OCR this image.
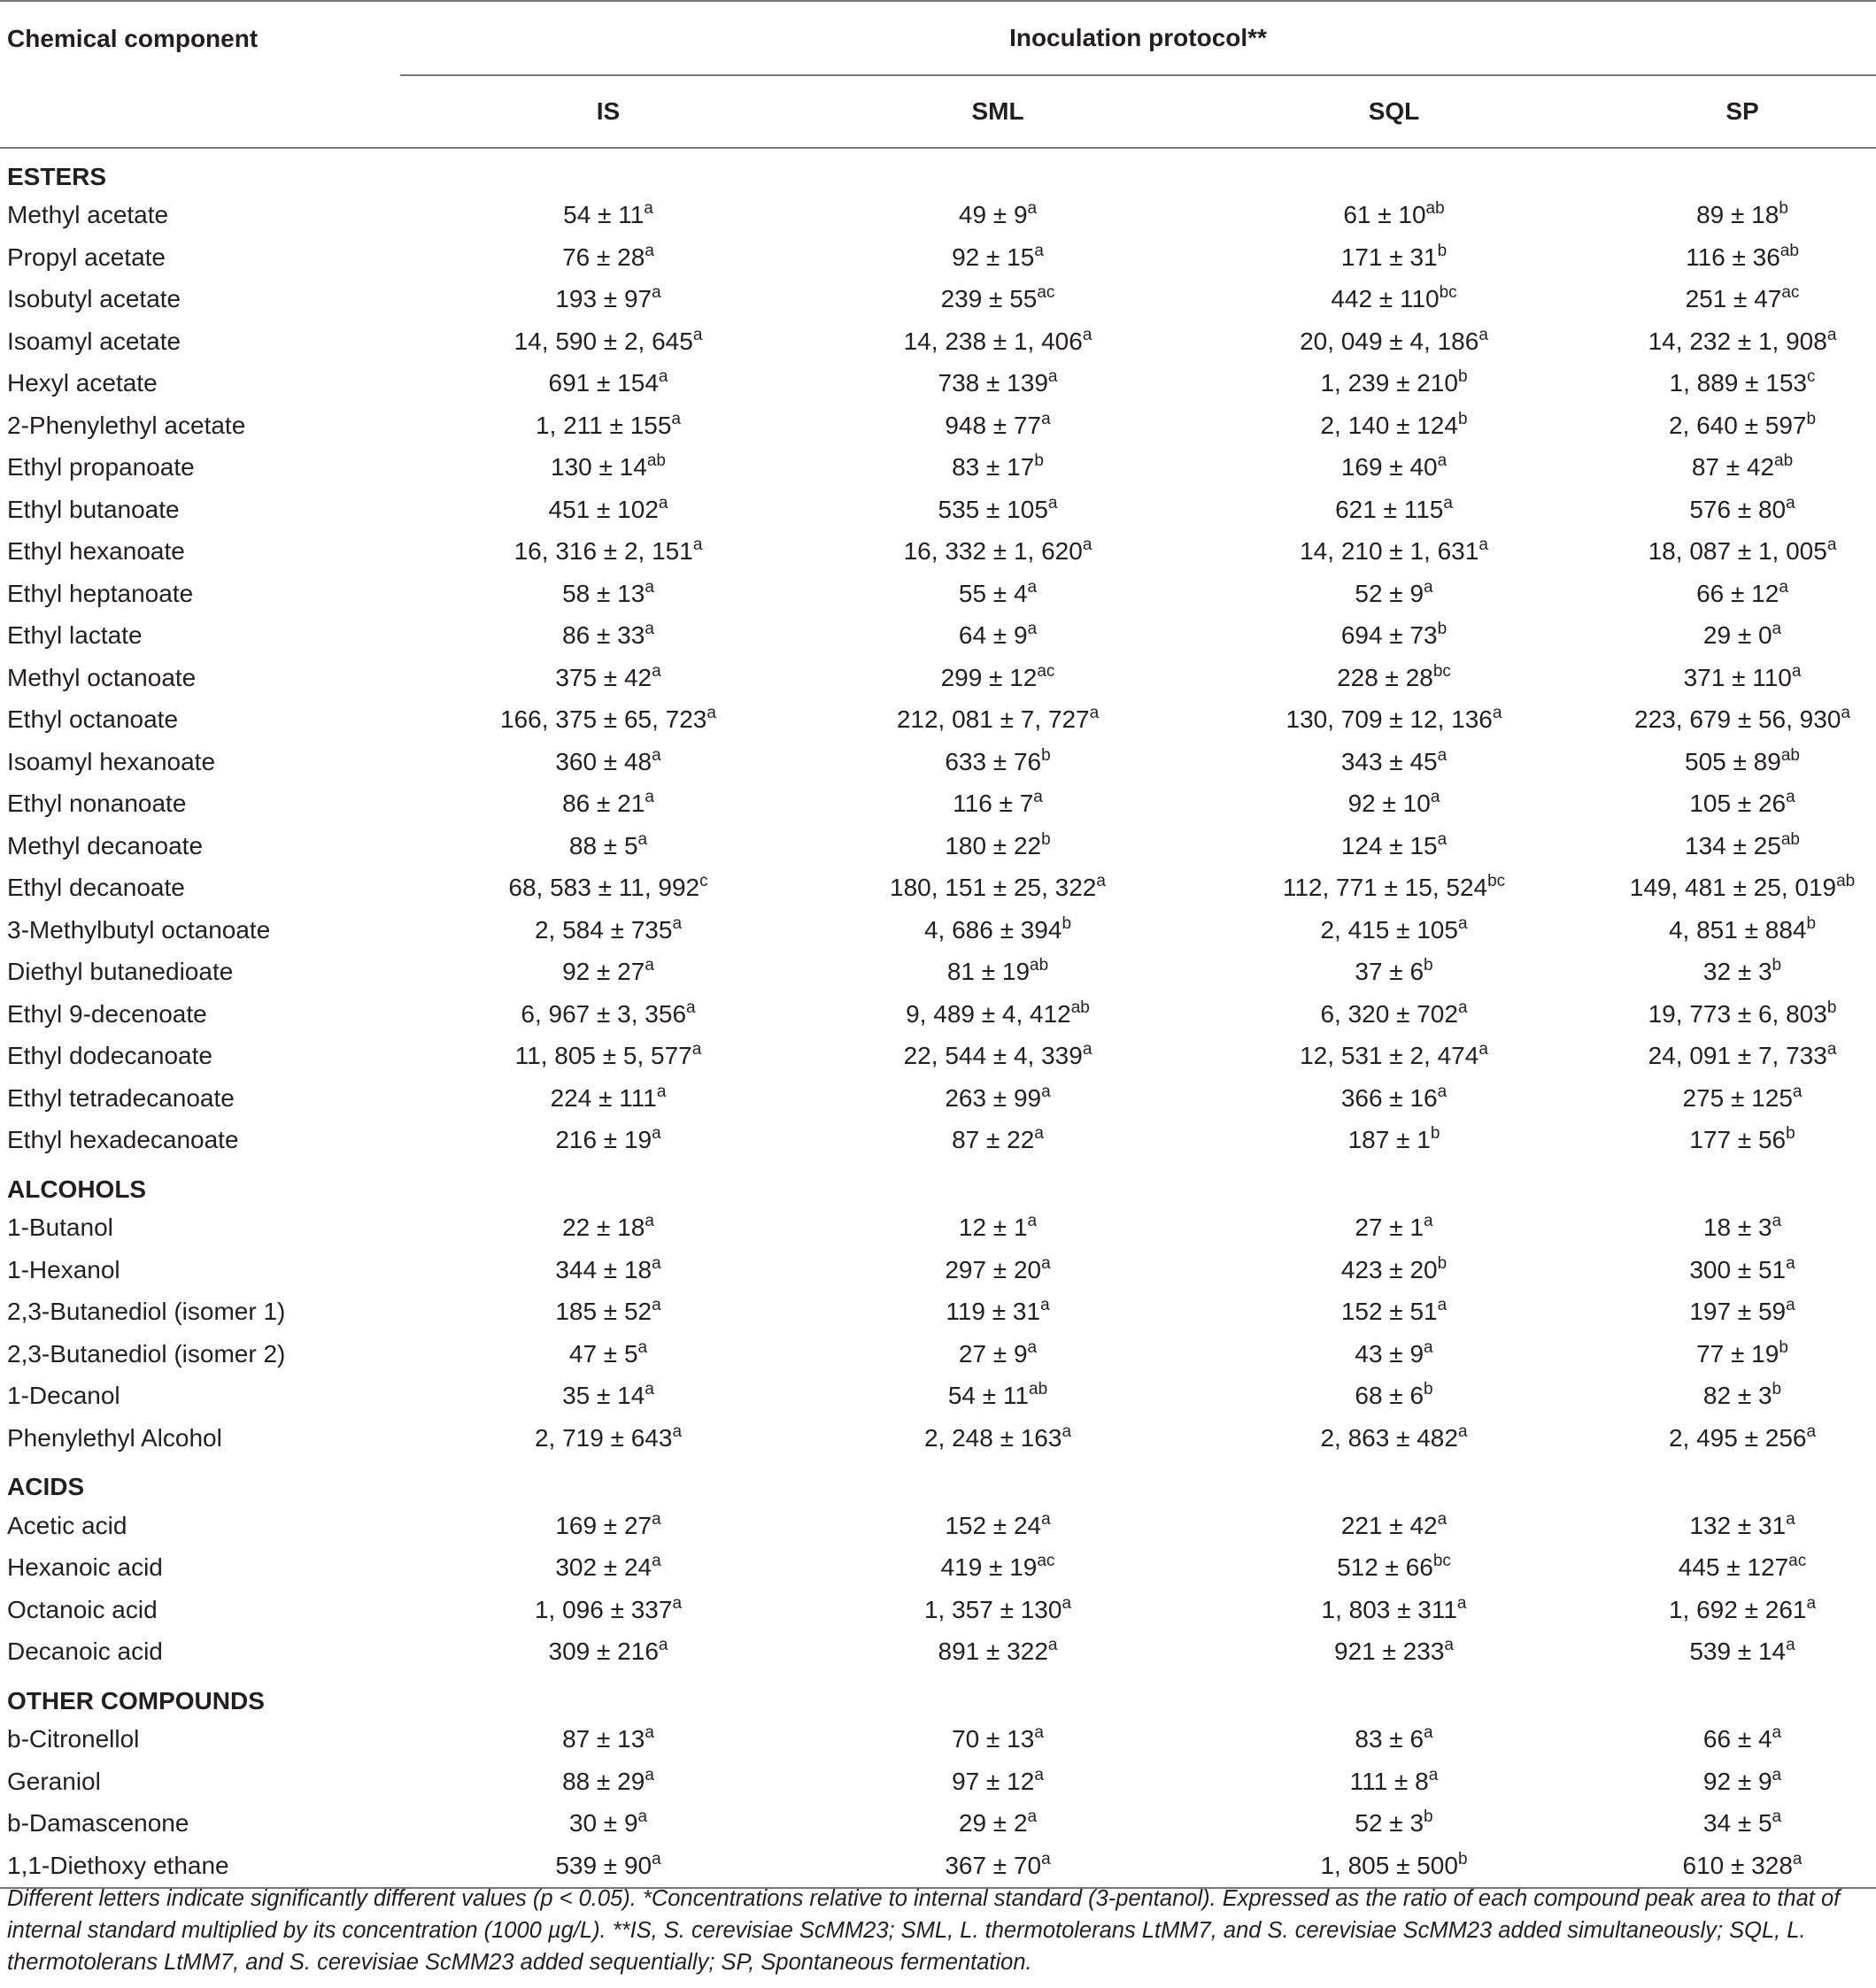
Chemical component	Inoculation protocol**			
	IS	SML	SQL	SP
ESTERS				
Methyl acetate	$54 \pm 11^a$	$49 \pm 9^a$	$61 \pm 10^{ab}$	$89 \pm 18^b$
Propyl acetate	$76 \pm 28^a$	$92 \pm 15^a$	$171 \pm 31^b$	$116 \pm 36^{ab}$
Isobutyl acetate	$193 \pm 97^a$	$239 \pm 55^{ac}$	$442 \pm 110^{bc}$	$251 \pm 47^{ac}$
Isoamyl acetate	14, 590 ± 2, 645$^a$	14, 238 ± 1, 406$^a$	20, 049 ± 4, 186$^a$	14, 232 ± 1, 908$^a$
Hexyl acetate	$691 \pm 154^a$	$738 \pm 139^a$	1, $239 \pm 210^b$	1, $889 \pm 153^c$
2-Phenylethyl acetate	1, $211 \pm 155^a$	$948 \pm 77^a$	2, $140 \pm 124^b$	2, $640 \pm 597^b$
Ethyl propanoate	$130 \pm 14^{ab}$	$83 \pm 17^b$	$169 \pm 40^a$	$87 \pm 42^{ab}$
Ethyl butanoate	$451 \pm 102^a$	$535 \pm 105^a$	$621 \pm 115^a$	$576 \pm 80^a$
Ethyl hexanoate	16, 316 ± 2, 151$^a$	16, 332 ± 1, 620$^a$	14, 210 ± 1, 631$^a$	18, 087 ± 1, 005$^a$
Ethyl heptanoate	$58 \pm 13^a$	$55 \pm 4^a$	$52 \pm 9^a$	$66 \pm 12^a$
Ethyl lactate	$86 \pm 33^a$	$64 \pm 9^a$	$694 \pm 73^b$	$29 \pm 0^a$
Methyl octanoate	$375 \pm 42^a$	$299 \pm 12^{ac}$	$228 \pm 28^{bc}$	$371 \pm 110^a$
Ethyl octanoate	166, 375 ± 65, 723$^a$	212, 081 ± 7, 727$^a$	130, 709 ± 12, 136$^a$	223, 679 ± 56, 930$^a$
Isoamyl hexanoate	$360 \pm 48^a$	$633 \pm 76^b$	$343 \pm 45^a$	$505 \pm 89^{ab}$
Ethyl nonanoate	$86 \pm 21^a$	$116 \pm 7^a$	$92 \pm 10^a$	$105 \pm 26^a$
Methyl decanoate	$88 \pm 5^a$	$180 \pm 22^b$	$124 \pm 15^a$	$134 \pm 25^{ab}$
Ethyl decanoate	68, 583 ± 11, 992$^c$	180, 151 ± 25, 322$^a$	112, 771 ± 15, $524^{bc}$	149, 481 ± 25, $019^{ab}$
3-Methylbutyl octanoate	2, $584 \pm 735^a$	4, $686 \pm 394^b$	2, $415 \pm 105^a$	4, $851 \pm 884^b$
Diethyl butanedioate	$92 \pm 27^a$	$81 \pm 19^{ab}$	$37 \pm 6^b$	$32 \pm 3^b$
Ethyl 9-decenoate	6, 967 ± 3, 356$^a$	9, 489 ± 4, $412^{ab}$	6, $320 \pm 702^a$	19, 773 ± 6, 803$^b$
Ethyl dodecanoate	11, 805 ± 5, 577$^a$	22, 544 ± 4, 339$^a$	12, 531 ± 2, 474$^a$	24, 091 ± 7, 733$^a$
Ethyl tetradecanoate	$224 \pm 111^a$	$263 \pm 99^a$	$366 \pm 16^a$	$275 \pm 125^a$
Ethyl hexadecanoate	$216 \pm 19^a$	$87 \pm 22^a$	$187 \pm 1^b$	$177 \pm 56^b$
ALCOHOLS				
1-Butanol	$22 \pm 18^a$	$12 \pm 1^a$	$27 \pm 1^a$	$18 \pm 3^a$
1-Hexanol	$344 \pm 18^a$	$297 \pm 20^a$	$423 \pm 20^b$	$300 \pm 51^a$
2,3-Butanediol (isomer 1)	$185 \pm 52^a$	$119 \pm 31^a$	$152 \pm 51^a$	$197 \pm 59^a$
2,3-Butanediol (isomer 2)	$47 \pm 5^a$	$27 \pm 9^a$	$43 \pm 9^a$	$77 \pm 19^b$
1-Decanol	$35 \pm 14^a$	$54 \pm 11^{ab}$	$68 \pm 6^b$	$82 \pm 3^b$
Phenylethyl Alcohol	2, $719 \pm 643^a$	2, $248 \pm 163^a$	2, $863 \pm 482^a$	2, $495 \pm 256^a$
ACIDS				
Acetic acid	$169 \pm 27^a$	$152 \pm 24^a$	$221 \pm 42^a$	$132 \pm 31^a$
Hexanoic acid	$302 \pm 24^a$	$419 \pm 19^{ac}$	$512 \pm 66^{bc}$	$445 \pm 127^{ac}$
Octanoic acid	1, $096 \pm 337^a$	1, $357 \pm 130^a$	1, $803 \pm 311^a$	1, $692 \pm 261^a$
Decanoic acid	$309 \pm 216^a$	$891 \pm 322^a$	$921 \pm 233^a$	$539 \pm 14^a$
OTHER COMPOUNDS				
b-Citronellol	$87 \pm 13^a$	$70 \pm 13^a$	$83 \pm 6^a$	$66 \pm 4^a$
Geraniol	$88 \pm 29^a$	$97 \pm 12^a$	$111 \pm 8^a$	$92 \pm 9^a$
b-Damascenone	$30 \pm 9^a$	$29 \pm 2^a$	$52 \pm 3^b$	$34 \pm 5^a$
1,1-Diethoxy ethane	$539 \pm 90^a$	$367 \pm 70^a$	1, $805 \pm 500^b$	$610 \pm 328^a$
Different letters indicate significantly different values (p < 0.05). *Concentrations relative to internal standard (3-pentanol). Expressed as the ratio of each compound peak area to that of internal standard multiplied by its concentration (1000 µg/L). **IS, S. cerevisiae ScMM23; SML, L. thermotolerans LtMM7, and S. cerevisiae ScMM23 added simultaneously; SQL, L. thermotolerans LtMM7, and S. cerevisiae ScMM23 added sequentially; SP, Spontaneous fermentation.
